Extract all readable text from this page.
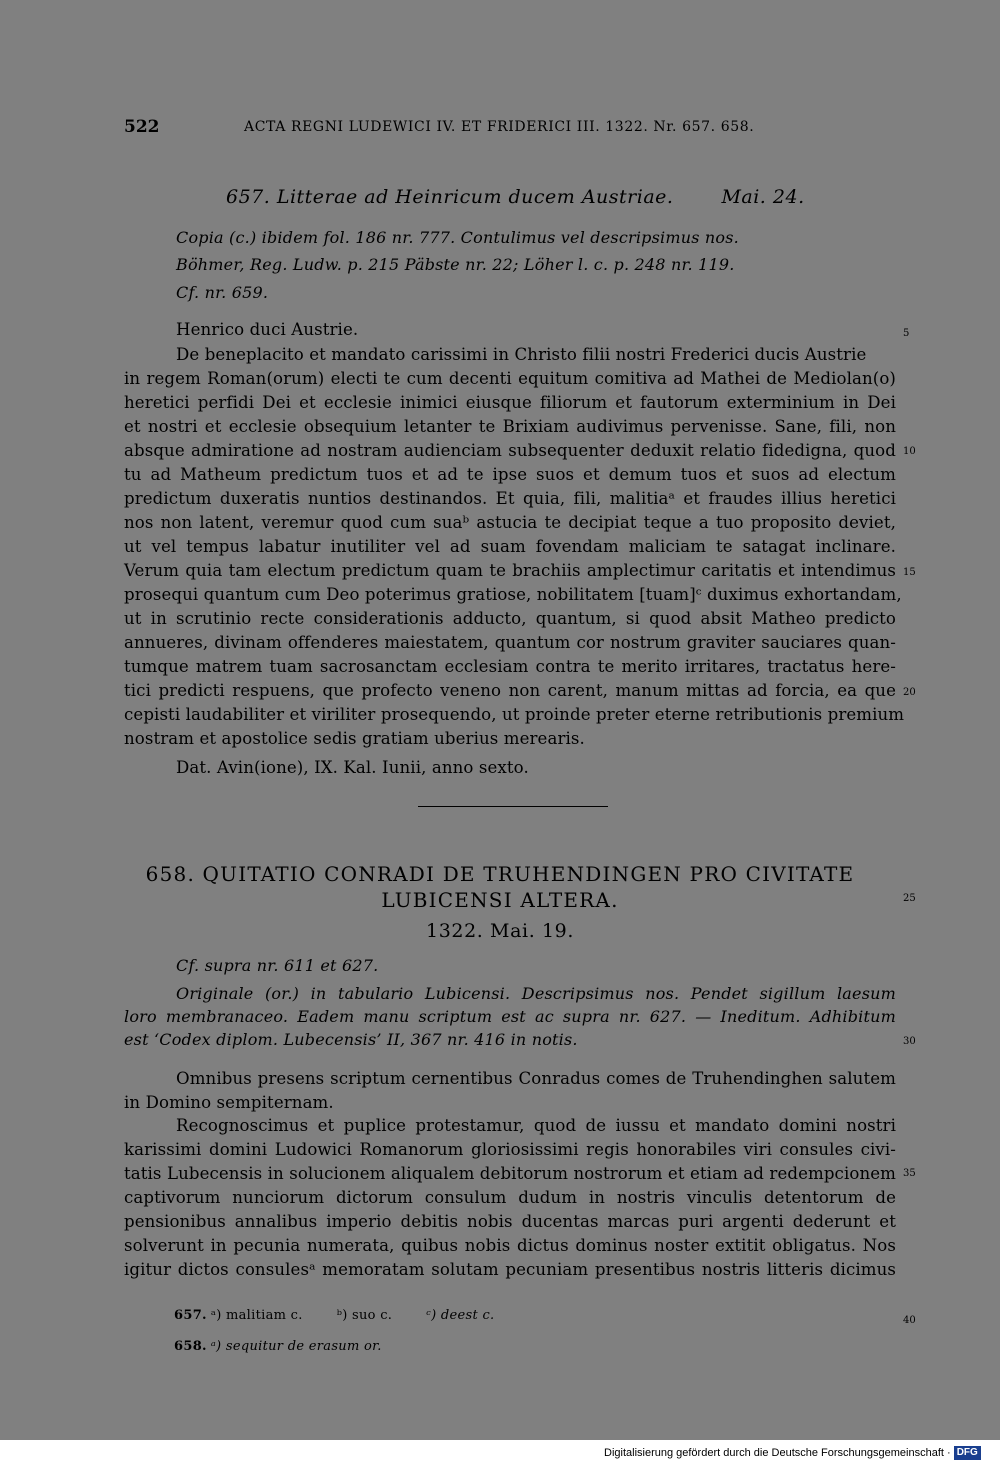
522	ACTA REGNI LUDEWICI IV. ET FRIDERICI III. 1322. Nr. 657. 658.
657. Litterae ad Heinricum ducem Austriae.	Mai. 24.
Copia (c.) ibidem fol. 186 nr. 777. Contulimus vel descripsimus nos.
Böhmer, Reg. Ludw. p. 215 Päbste nr. 22; Löher l. c. p. 248 nr. 119.
Cf. nr. 659.
Henrico duci Austrie.
De beneplacito et mandato carissimi in Christo filii nostri Frederici ducis Austrie
in regem Roman(orum) electi te cum decenti equitum comitiva ad Mathei de Mediolan(o)
heretici perfidi Dei et ecclesie inimici eiusque filiorum et fautorum exterminium in Dei
et nostri et ecclesie obsequium letanter te Brixiam audivimus pervenisse. Sane, fili, non
absque admiratione ad nostram audienciam subsequenter deduxit relatio fidedigna, quod
tu ad Matheum predictum tuos et ad te ipse suos et demum tuos et suos ad electum
predictum duxeratis nuntios destinandos. Et quia, fili, malitiaᵃ et fraudes illius heretici
nos non latent, veremur quod cum suaᵇ astucia te decipiat teque a tuo proposito deviet,
ut vel tempus labatur inutiliter vel ad suam fovendam maliciam te satagat inclinare.
Verum quia tam electum predictum quam te brachiis amplectimur caritatis et intendimus
prosequi quantum cum Deo poterimus gratiose, nobilitatem [tuam]ᶜ duximus exhortandam,
ut in scrutinio recte considerationis adducto, quantum, si quod absit Matheo predicto
annueres, divinam offenderes maiestatem, quantum cor nostrum graviter sauciares quan-
tumque matrem tuam sacrosanctam ecclesiam contra te merito irritares, tractatus here-
tici predicti respuens, que profecto veneno non carent, manum mittas ad forcia, ea que
cepisti laudabiliter et viriliter prosequendo, ut proinde preter eterne retributionis premium
nostram et apostolice sedis gratiam uberius merearis.
Dat. Avin(ione), IX. Kal. Iunii, anno sexto.
658. QUITATIO CONRADI DE TRUHENDINGEN PRO CIVITATE
LUBICENSI ALTERA.
1322. Mai. 19.
Cf. supra nr. 611 et 627.
Originale (or.) in tabulario Lubicensi. Descripsimus nos. Pendet sigillum laesum
loro membranaceo. Eadem manu scriptum est ac supra nr. 627. — Ineditum. Adhibitum
est ‘Codex diplom. Lubecensis’ II, 367 nr. 416 in notis.
Omnibus presens scriptum cernentibus Conradus comes de Truhendinghen salutem
in Domino sempiternam.
Recognoscimus et puplice protestamur, quod de iussu et mandato domini nostri
karissimi domini Ludowici Romanorum gloriosissimi regis honorabiles viri consules civi-
tatis Lubecensis in solucionem aliqualem debitorum nostrorum et etiam ad redempcionem
captivorum nunciorum dictorum consulum dudum in nostris vinculis detentorum de
pensionibus annalibus imperio debitis nobis ducentas marcas puri argenti dederunt et
solverunt in pecunia numerata, quibus nobis dictus dominus noster extitit obligatus. Nos
igitur dictos consulesᵃ memoratam solutam pecuniam presentibus nostris litteris dicimus
5
10
15
20
25
30
35
40
657. ᵃ) malitiam c.	ᵇ) suo c.	ᶜ) deest c.
658. ᵃ) sequitur de erasum or.
Digitalisierung gefördert durch die Deutsche Forschungsgemeinschaft · DFG
